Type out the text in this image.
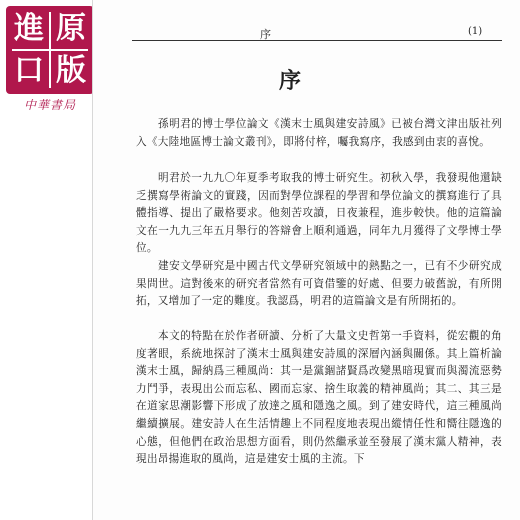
進 原
口 版
中華書局
序	(1)
序

孫明君的博士學位論文《漢末士風與建安詩風》已被台灣文津出版社列入《大陸地區博士論文叢刊》，即將付梓，囑我寫序，我感到由衷的喜悅。

明君於一九九〇年夏季考取我的博士研究生。初秋入學，我發現他還缺乏撰寫學術論文的實踐，因而對學位課程的學習和學位論文的撰寫進行了具體指導、提出了嚴格要求。他刻苦攻讀，日夜兼程，進步較快。他的這篇論文在一九九三年五月舉行的答辯會上順利通過，同年九月獲得了文學博士學位。

建安文學研究是中國古代文學研究領域中的熱點之一，已有不少研究成果問世。這對後來的研究者當然有可資借鑒的好處、但要力破舊說，有所開拓，又增加了一定的難度。我認爲，明君的這篇論文是有所開拓的。

本文的特點在於作者研讀、分析了大量文史哲第一手資料，從宏觀的角度著眼，系統地探討了漢末士風與建安詩風的深層內涵與關係。其上篇析論漢末士風，歸納爲三種風尚：其一是黨錮諸賢爲改變黑暗現實而與濁流惡勢力鬥爭，表現出公而忘私、國而忘家、捨生取義的精神風尚；其二、其三是在道家思潮影響下形成了放達之風和隱逸之風。到了建安時代，這三種風尚繼續擴展。建安詩人在生活情趣上不同程度地表現出縱情任性和嚮往隱逸的心態，但他們在政治思想方面看，則仍然繼承並至發展了漢末黨人精神，表現出昂揚進取的風尚，這是建安士風的主流。下
